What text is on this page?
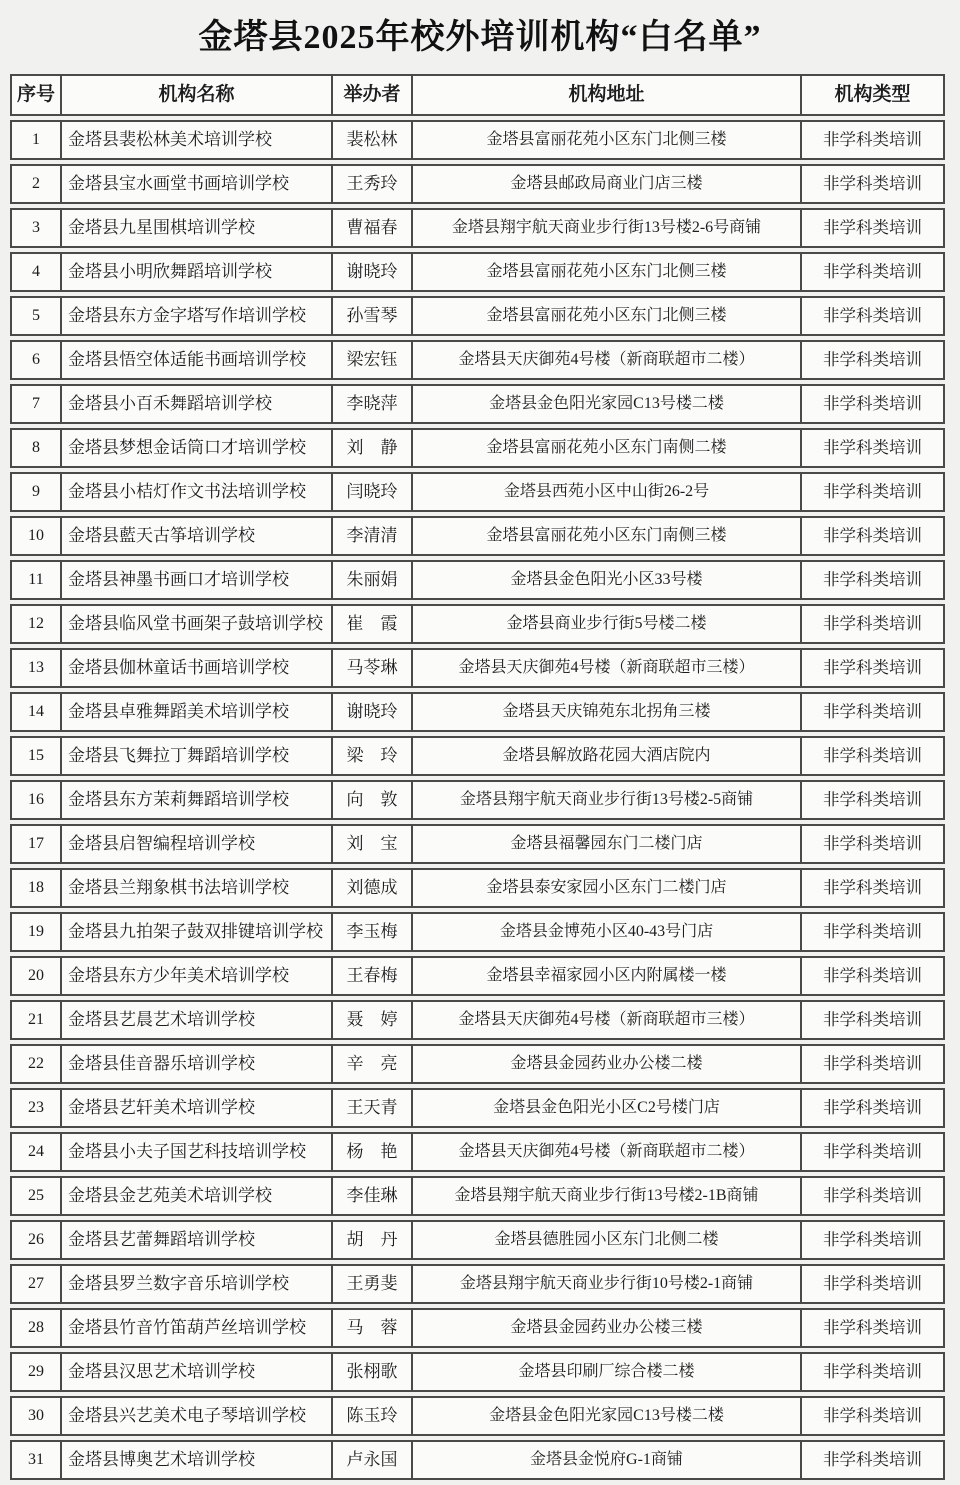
金塔县2025年校外培训机构“白名单”
序号	机构名称	举办者	机构地址	机构类型
1	金塔县裴松林美术培训学校	裴松林	金塔县富丽花苑小区东门北侧三楼	非学科类培训
2	金塔县宝水画堂书画培训学校	王秀玲	金塔县邮政局商业门店三楼	非学科类培训
3	金塔县九星围棋培训学校	曹福春	金塔县翔宇航天商业步行街13号楼2-6号商铺	非学科类培训
4	金塔县小明欣舞蹈培训学校	谢晓玲	金塔县富丽花苑小区东门北侧三楼	非学科类培训
5	金塔县东方金字塔写作培训学校	孙雪琴	金塔县富丽花苑小区东门北侧三楼	非学科类培训
6	金塔县悟空体适能书画培训学校	梁宏钰	金塔县天庆御苑4号楼（新商联超市二楼）	非学科类培训
7	金塔县小百禾舞蹈培训学校	李晓萍	金塔县金色阳光家园C13号楼二楼	非学科类培训
8	金塔县梦想金话筒口才培训学校	刘　静	金塔县富丽花苑小区东门南侧二楼	非学科类培训
9	金塔县小桔灯作文书法培训学校	闫晓玲	金塔县西苑小区中山街26-2号	非学科类培训
10	金塔县藍天古筝培训学校	李清清	金塔县富丽花苑小区东门南侧三楼	非学科类培训
11	金塔县神墨书画口才培训学校	朱丽娟	金塔县金色阳光小区33号楼	非学科类培训
12	金塔县临风堂书画架子鼓培训学校	崔　霞	金塔县商业步行街5号楼二楼	非学科类培训
13	金塔县伽林童话书画培训学校	马苓琳	金塔县天庆御苑4号楼（新商联超市三楼）	非学科类培训
14	金塔县卓雅舞蹈美术培训学校	谢晓玲	金塔县天庆锦苑东北拐角三楼	非学科类培训
15	金塔县飞舞拉丁舞蹈培训学校	梁　玲	金塔县解放路花园大酒店院内	非学科类培训
16	金塔县东方茉莉舞蹈培训学校	向　敦	金塔县翔宇航天商业步行街13号楼2-5商铺	非学科类培训
17	金塔县启智编程培训学校	刘　宝	金塔县福馨园东门二楼门店	非学科类培训
18	金塔县兰翔象棋书法培训学校	刘德成	金塔县泰安家园小区东门二楼门店	非学科类培训
19	金塔县九拍架子鼓双排键培训学校	李玉梅	金塔县金博苑小区40-43号门店	非学科类培训
20	金塔县东方少年美术培训学校	王春梅	金塔县幸福家园小区内附属楼一楼	非学科类培训
21	金塔县艺晨艺术培训学校	聂　婷	金塔县天庆御苑4号楼（新商联超市三楼）	非学科类培训
22	金塔县佳音器乐培训学校	辛　亮	金塔县金园药业办公楼二楼	非学科类培训
23	金塔县艺轩美术培训学校	王天青	金塔县金色阳光小区C2号楼门店	非学科类培训
24	金塔县小夫子国艺科技培训学校	杨　艳	金塔县天庆御苑4号楼（新商联超市二楼）	非学科类培训
25	金塔县金艺苑美术培训学校	李佳琳	金塔县翔宇航天商业步行街13号楼2-1B商铺	非学科类培训
26	金塔县艺蕾舞蹈培训学校	胡　丹	金塔县德胜园小区东门北侧二楼	非学科类培训
27	金塔县罗兰数字音乐培训学校	王勇斐	金塔县翔宇航天商业步行街10号楼2-1商铺	非学科类培训
28	金塔县竹音竹笛葫芦丝培训学校	马　蓉	金塔县金园药业办公楼三楼	非学科类培训
29	金塔县汉思艺术培训学校	张栩歌	金塔县印刷厂综合楼二楼	非学科类培训
30	金塔县兴艺美术电子琴培训学校	陈玉玲	金塔县金色阳光家园C13号楼二楼	非学科类培训
31	金塔县博奥艺术培训学校	卢永国	金塔县金悦府G-1商铺	非学科类培训
